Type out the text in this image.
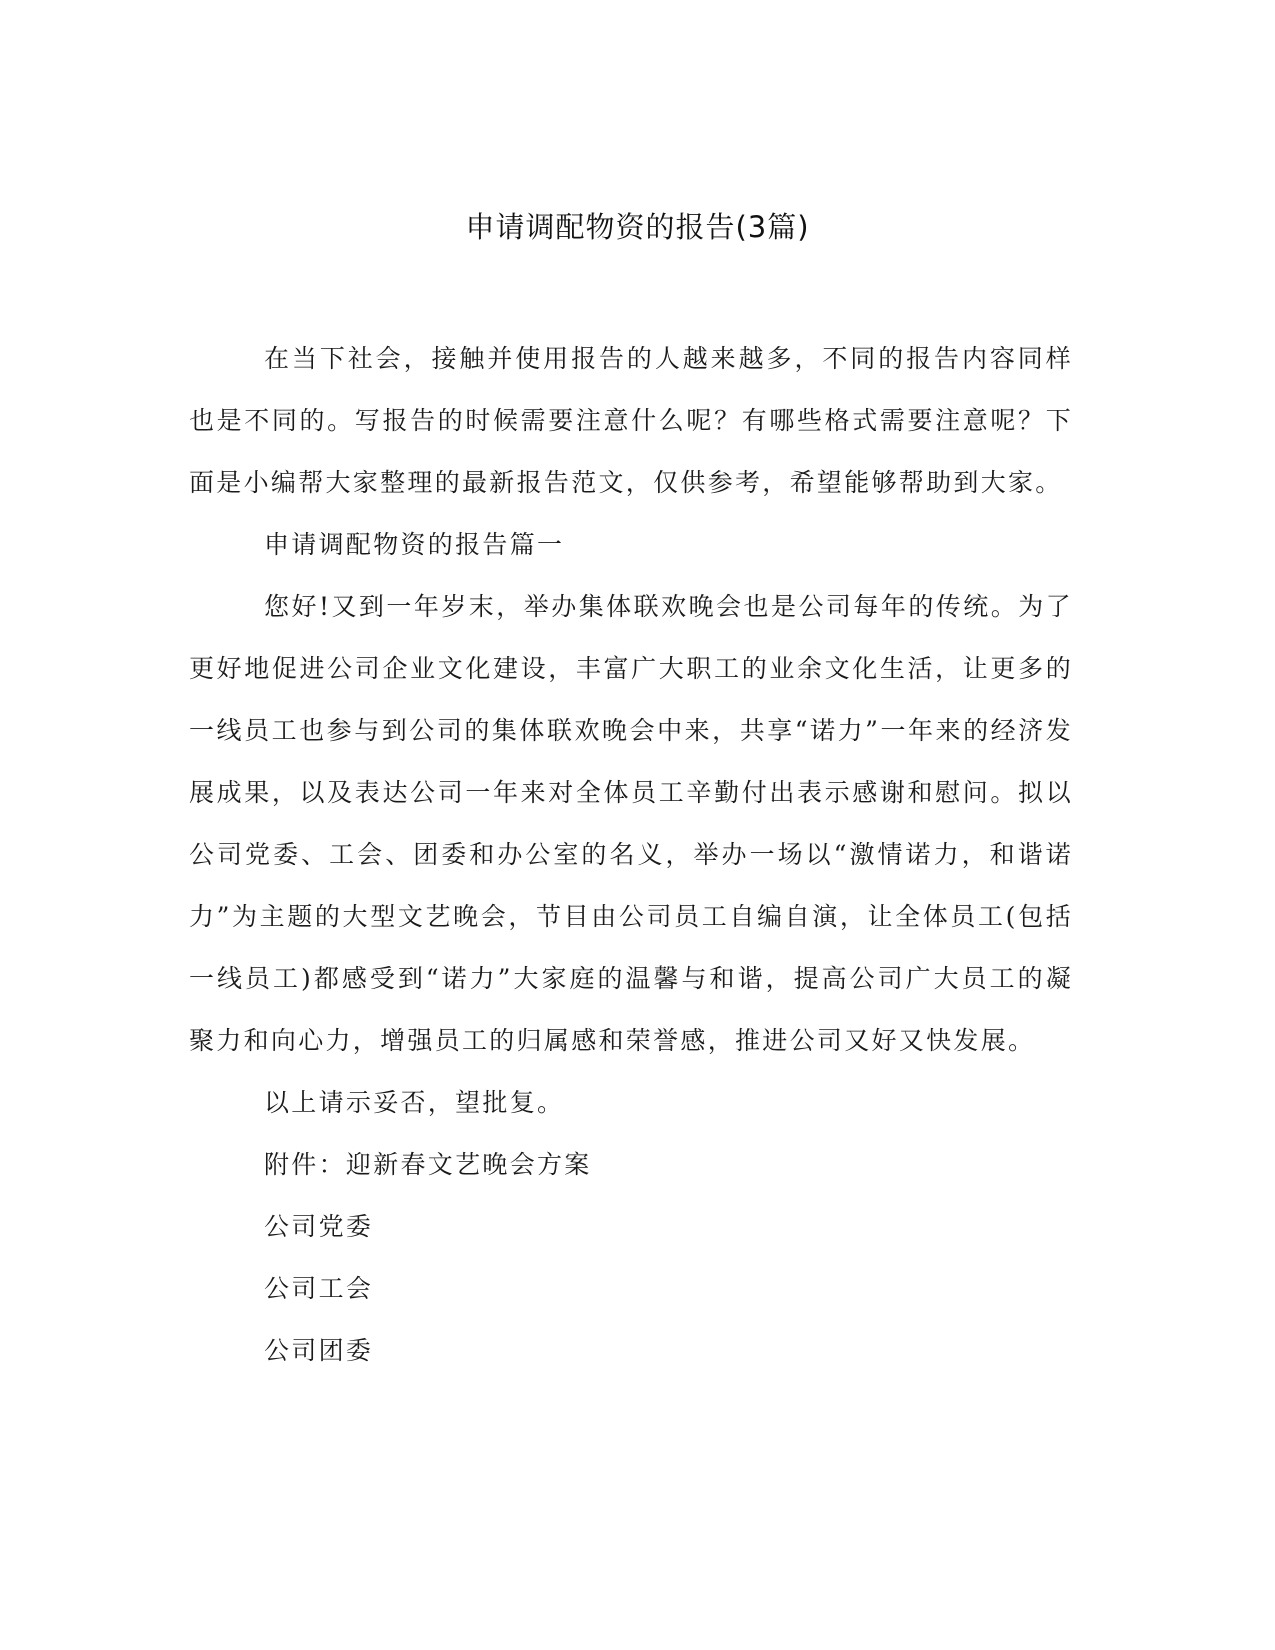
申请调配物资的报告(3篇)

在当下社会，接触并使用报告的人越来越多，不同的报告内容同样也是不同的。写报告的时候需要注意什么呢？有哪些格式需要注意呢？下面是小编帮大家整理的最新报告范文，仅供参考，希望能够帮助到大家。

申请调配物资的报告篇一

您好!又到一年岁末，举办集体联欢晚会也是公司每年的传统。为了更好地促进公司企业文化建设，丰富广大职工的业余文化生活，让更多的一线员工也参与到公司的集体联欢晚会中来，共享“诺力”一年来的经济发展成果，以及表达公司一年来对全体员工辛勤付出表示感谢和慰问。拟以公司党委、工会、团委和办公室的名义，举办一场以“激情诺力，和谐诺力”为主题的大型文艺晚会，节目由公司员工自编自演，让全体员工(包括一线员工)都感受到“诺力”大家庭的温馨与和谐，提高公司广大员工的凝聚力和向心力，增强员工的归属感和荣誉感，推进公司又好又快发展。

以上请示妥否，望批复。

附件：迎新春文艺晚会方案

公司党委

公司工会

公司团委
